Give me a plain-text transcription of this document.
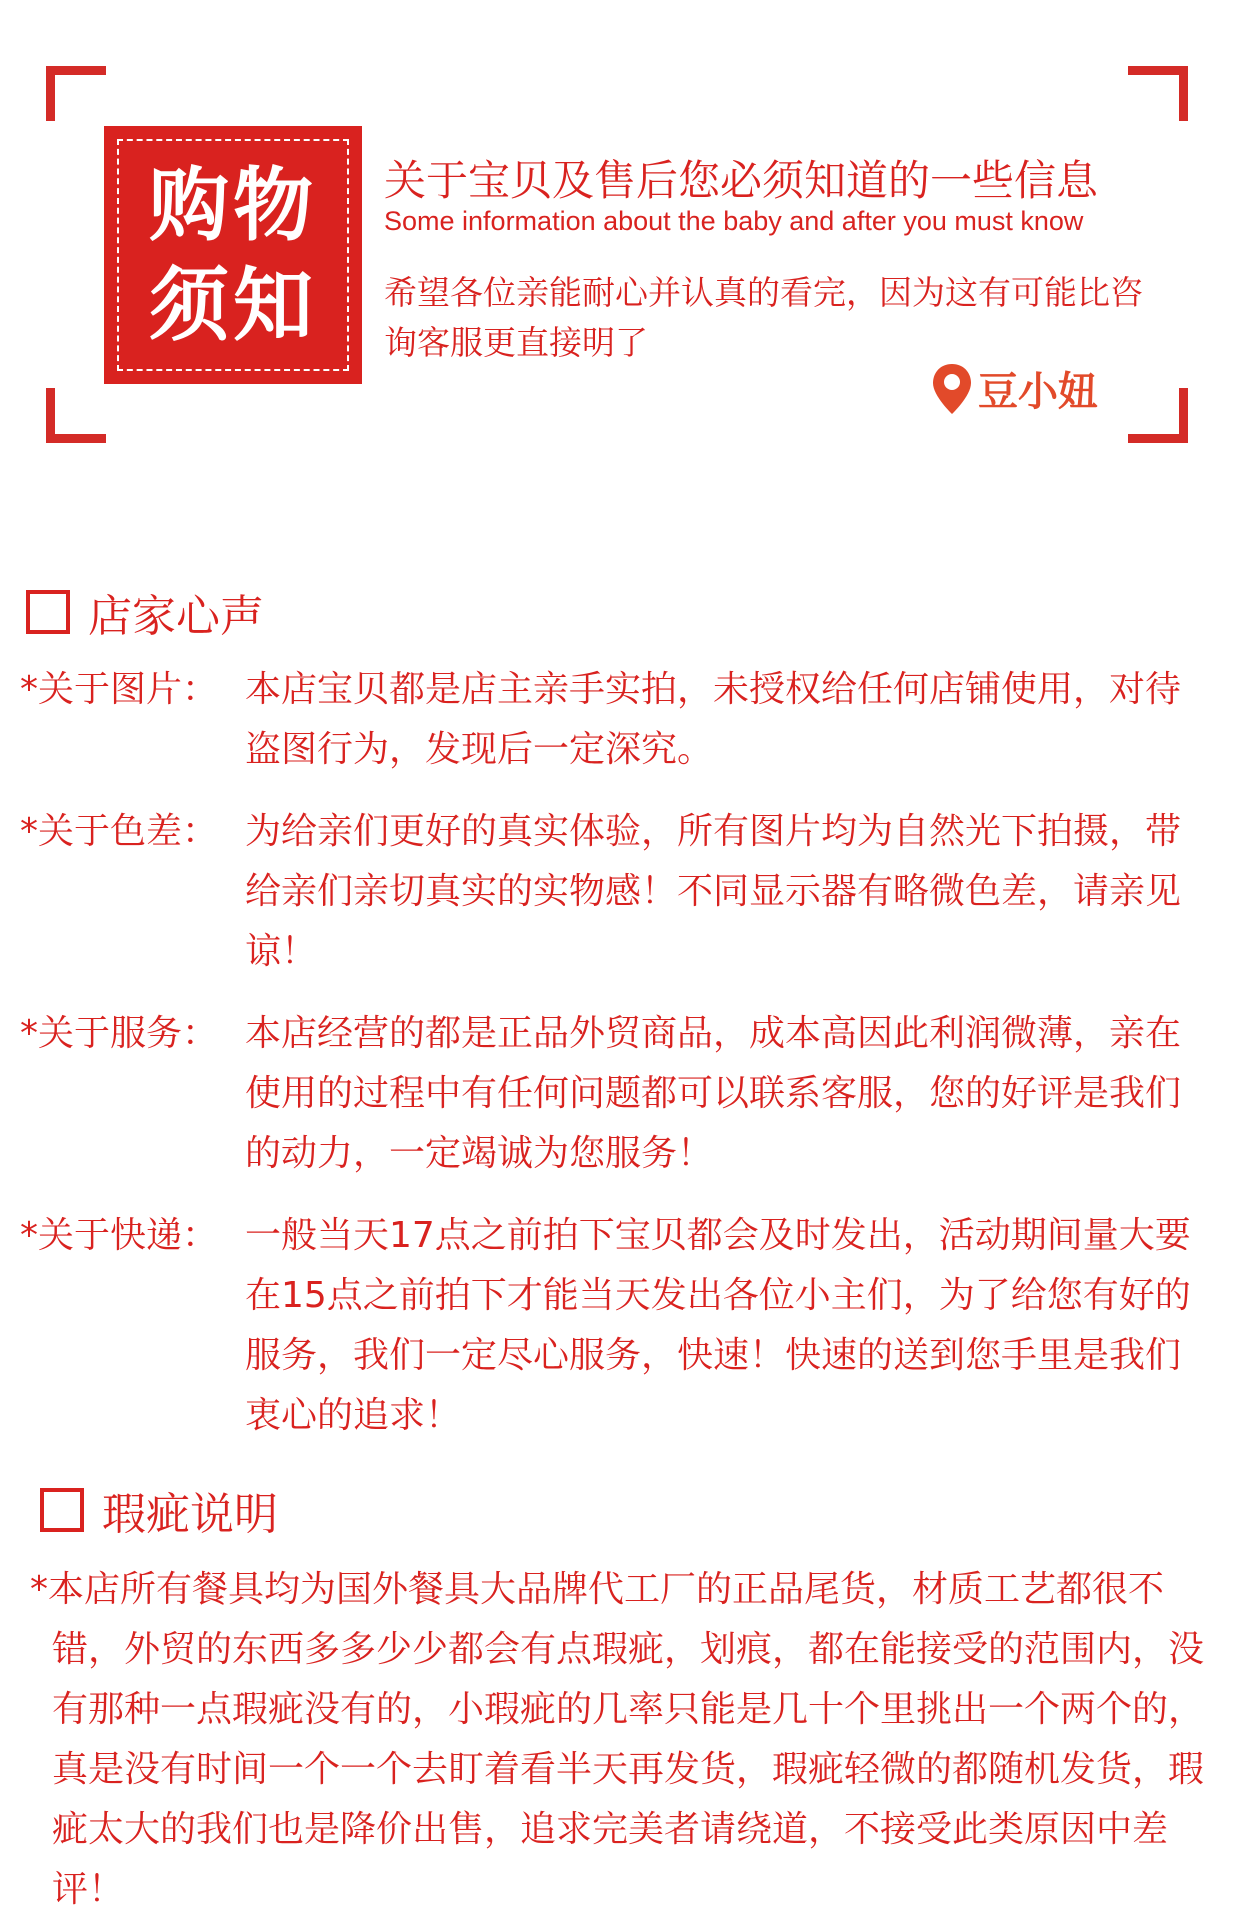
购物
须知
关于宝贝及售后您必须知道的一些信息
Some information about the baby and after you must know
希望各位亲能耐心并认真的看完，因为这有可能比咨询客服更直接明了
豆小妞
店家心声
*关于图片： 本店宝贝都是店主亲手实拍，未授权给任何店铺使用，对待盗图行为，发现后一定深究。
*关于色差： 为给亲们更好的真实体验，所有图片均为自然光下拍摄，带给亲们亲切真实的实物感！不同显示器有略微色差，请亲见谅！
*关于服务： 本店经营的都是正品外贸商品，成本高因此利润微薄，亲在使用的过程中有任何问题都可以联系客服，您的好评是我们的动力，一定竭诚为您服务！
*关于快递： 一般当天17点之前拍下宝贝都会及时发出，活动期间量大要在15点之前拍下才能当天发出各位小主们，为了给您有好的服务，我们一定尽心服务，快速！快速的送到您手里是我们衷心的追求！
瑕疵说明
*本店所有餐具均为国外餐具大品牌代工厂的正品尾货，材质工艺都很不错，外贸的东西多多少少都会有点瑕疵，划痕，都在能接受的范围内，没有那种一点瑕疵没有的，小瑕疵的几率只能是几十个里挑出一个两个的，真是没有时间一个一个去盯着看半天再发货，瑕疵轻微的都随机发货，瑕疵太大的我们也是降价出售，追求完美者请绕道，不接受此类原因中差评！
